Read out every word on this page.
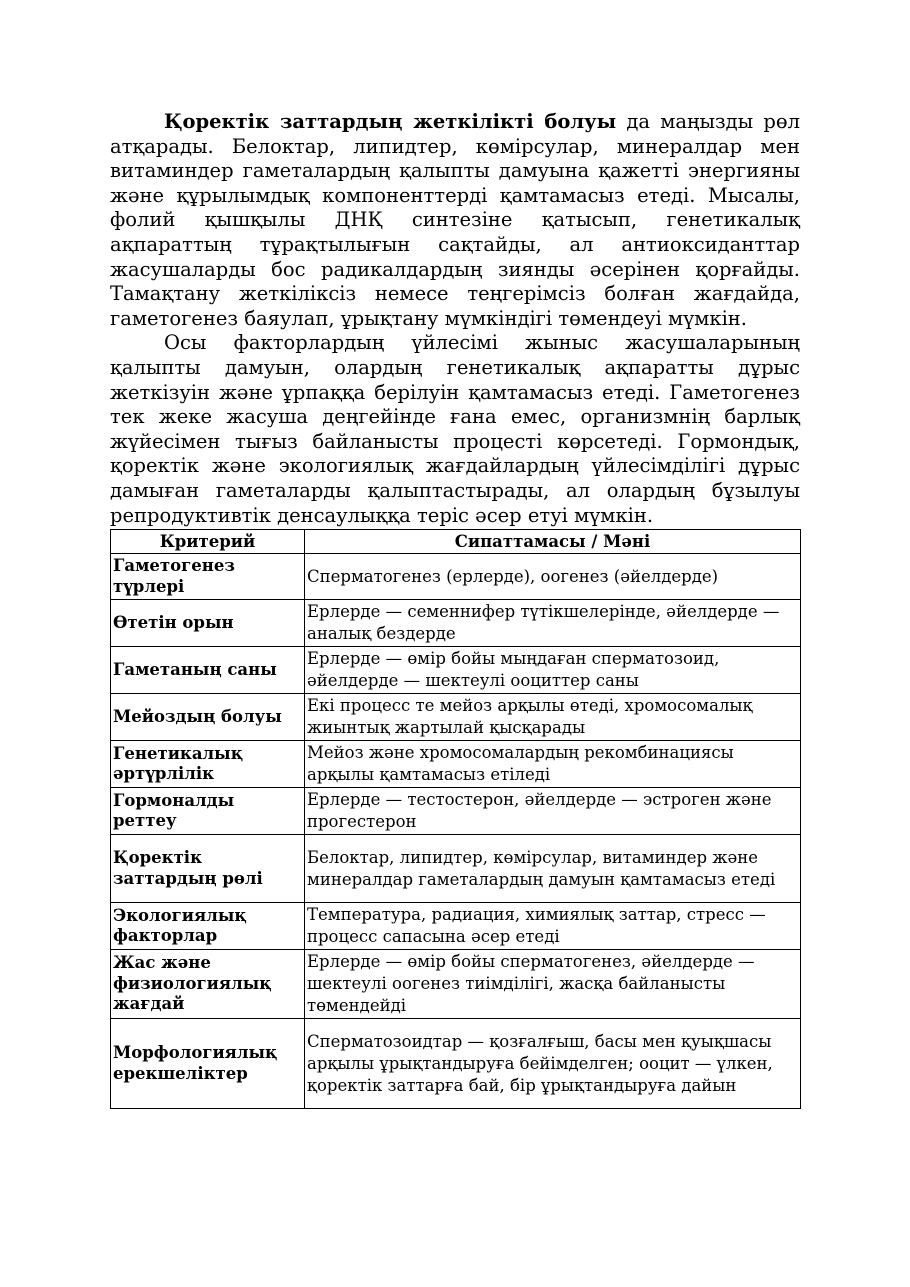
Қоректік заттардың жеткілікті болуы да маңызды рөл атқарады. Белоктар, липидтер, көмірсулар, минералдар мен витаминдер гаметалардың қалыпты дамуына қажетті энергияны және құрылымдық компоненттерді қамтамасыз етеді. Мысалы, фолий қышқылы ДНҚ синтезіне қатысып, генетикалық ақпараттың тұрақтылығын сақтайды, ал антиоксиданттар жасушаларды бос радикалдардың зиянды әсерінен қорғайды. Тамақтану жеткіліксіз немесе теңгерімсіз болған жағдайда, гаметогенез баяулап, ұрықтану мүмкіндігі төмендеуі мүмкін.

Осы факторлардың үйлесімі жыныс жасушаларының қалыпты дамуын, олардың генетикалық ақпаратты дұрыс жеткізуін және ұрпаққа берілуін қамтамасыз етеді. Гаметогенез тек жеке жасуша деңгейінде ғана емес, организмнің барлық жүйесімен тығыз байланысты процесті көрсетеді. Гормондық, қоректік және экологиялық жағдайлардың үйлесімділігі дұрыс дамыған гаметаларды қалыптастырады, ал олардың бұзылуы репродуктивтік денсаулыққа теріс әсер етуі мүмкін.

Критерий	Сипаттамасы / Мәні
Гаметогенез түрлері	Сперматогенез (ерлерде), оогенез (әйелдерде)
Өтетін орын	Ерлерде — семеннифер түтікшелерінде, әйелдерде — аналық бездерде
Гаметаның саны	Ерлерде — өмір бойы мыңдаған сперматозоид, әйелдерде — шектеулі ооциттер саны
Мейоздың болуы	Екі процесс те мейоз арқылы өтеді, хромосомалық жиынтық жартылай қысқарады
Генетикалық әртүрлілік	Мейоз және хромосомалардың рекомбинациясы арқылы қамтамасыз етіледі
Гормоналды реттеу	Ерлерде — тестостерон, әйелдерде — эстроген және прогестерон
Қоректік заттардың рөлі	Белоктар, липидтер, көмірсулар, витаминдер және минералдар гаметалардың дамуын қамтамасыз етеді
Экологиялық факторлар	Температура, радиация, химиялық заттар, стресс — процесс сапасына әсер етеді
Жас және физиологиялық жағдай	Ерлерде — өмір бойы сперматогенез, әйелдерде — шектеулі оогенез тиімділігі, жасқа байланысты төмендейді
Морфологиялық ерекшеліктер	Сперматозоидтар — қозғалғыш, басы мен қуықшасы арқылы ұрықтандыруға бейімделген; ооцит — үлкен, қоректік заттарға бай, бір ұрықтандыруға дайын
